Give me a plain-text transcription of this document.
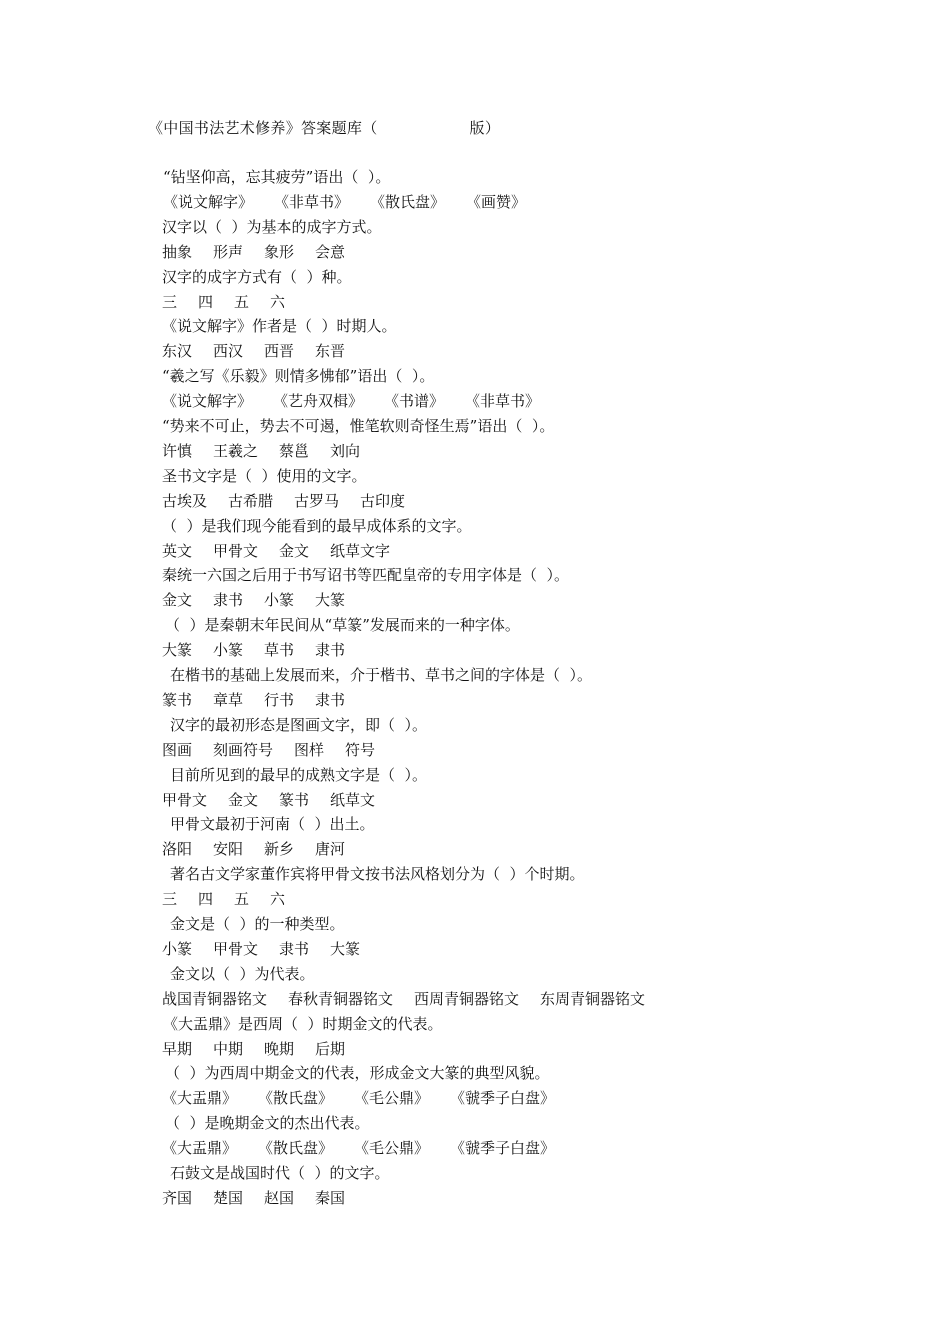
《中国书法艺术修养》答案题库（	版）
“钻坚仰高，忘其疲劳”语出（  ）。
《说文解字》 《非草书》 《散氏盘》 《画赞》
汉字以（  ）为基本的成字方式。
抽象 形声 象形 会意
汉字的成字方式有（  ）种。
三 四 五 六
《说文解字》作者是（  ）时期人。
东汉 西汉 西晋 东晋
“羲之写《乐毅》则情多怫郁”语出（  ）。
《说文解字》 《艺舟双楫》 《书谱》 《非草书》
“势来不可止，势去不可遏，惟笔软则奇怪生焉”语出（  ）。
许慎 王羲之 蔡邕 刘向
圣书文字是（  ）使用的文字。
古埃及 古希腊 古罗马 古印度
（  ）是我们现今能看到的最早成体系的文字。
英文 甲骨文 金文 纸草文字
秦统一六国之后用于书写诏书等匹配皇帝的专用字体是（  ）。
金文 隶书 小篆 大篆
（  ）是秦朝末年民间从“草篆”发展而来的一种字体。
大篆 小篆 草书 隶书
在楷书的基础上发展而来，介于楷书、草书之间的字体是（  ）。
篆书 章草 行书 隶书
汉字的最初形态是图画文字，即（  ）。
图画 刻画符号 图样 符号
目前所见到的最早的成熟文字是（  ）。
甲骨文 金文 篆书 纸草文
甲骨文最初于河南（  ）出土。
洛阳 安阳 新乡 唐河
著名古文学家董作宾将甲骨文按书法风格划分为（  ）个时期。
三 四 五 六
金文是（  ）的一种类型。
小篆 甲骨文 隶书 大篆
金文以（  ）为代表。
战国青铜器铭文 春秋青铜器铭文 西周青铜器铭文 东周青铜器铭文
《大盂鼎》是西周（  ）时期金文的代表。
早期 中期 晚期 后期
（  ）为西周中期金文的代表，形成金文大篆的典型风貌。
《大盂鼎》 《散氏盘》 《毛公鼎》 《虢季子白盘》
（  ）是晚期金文的杰出代表。
《大盂鼎》 《散氏盘》 《毛公鼎》 《虢季子白盘》
石鼓文是战国时代（  ）的文字。
齐国 楚国 赵国 秦国
